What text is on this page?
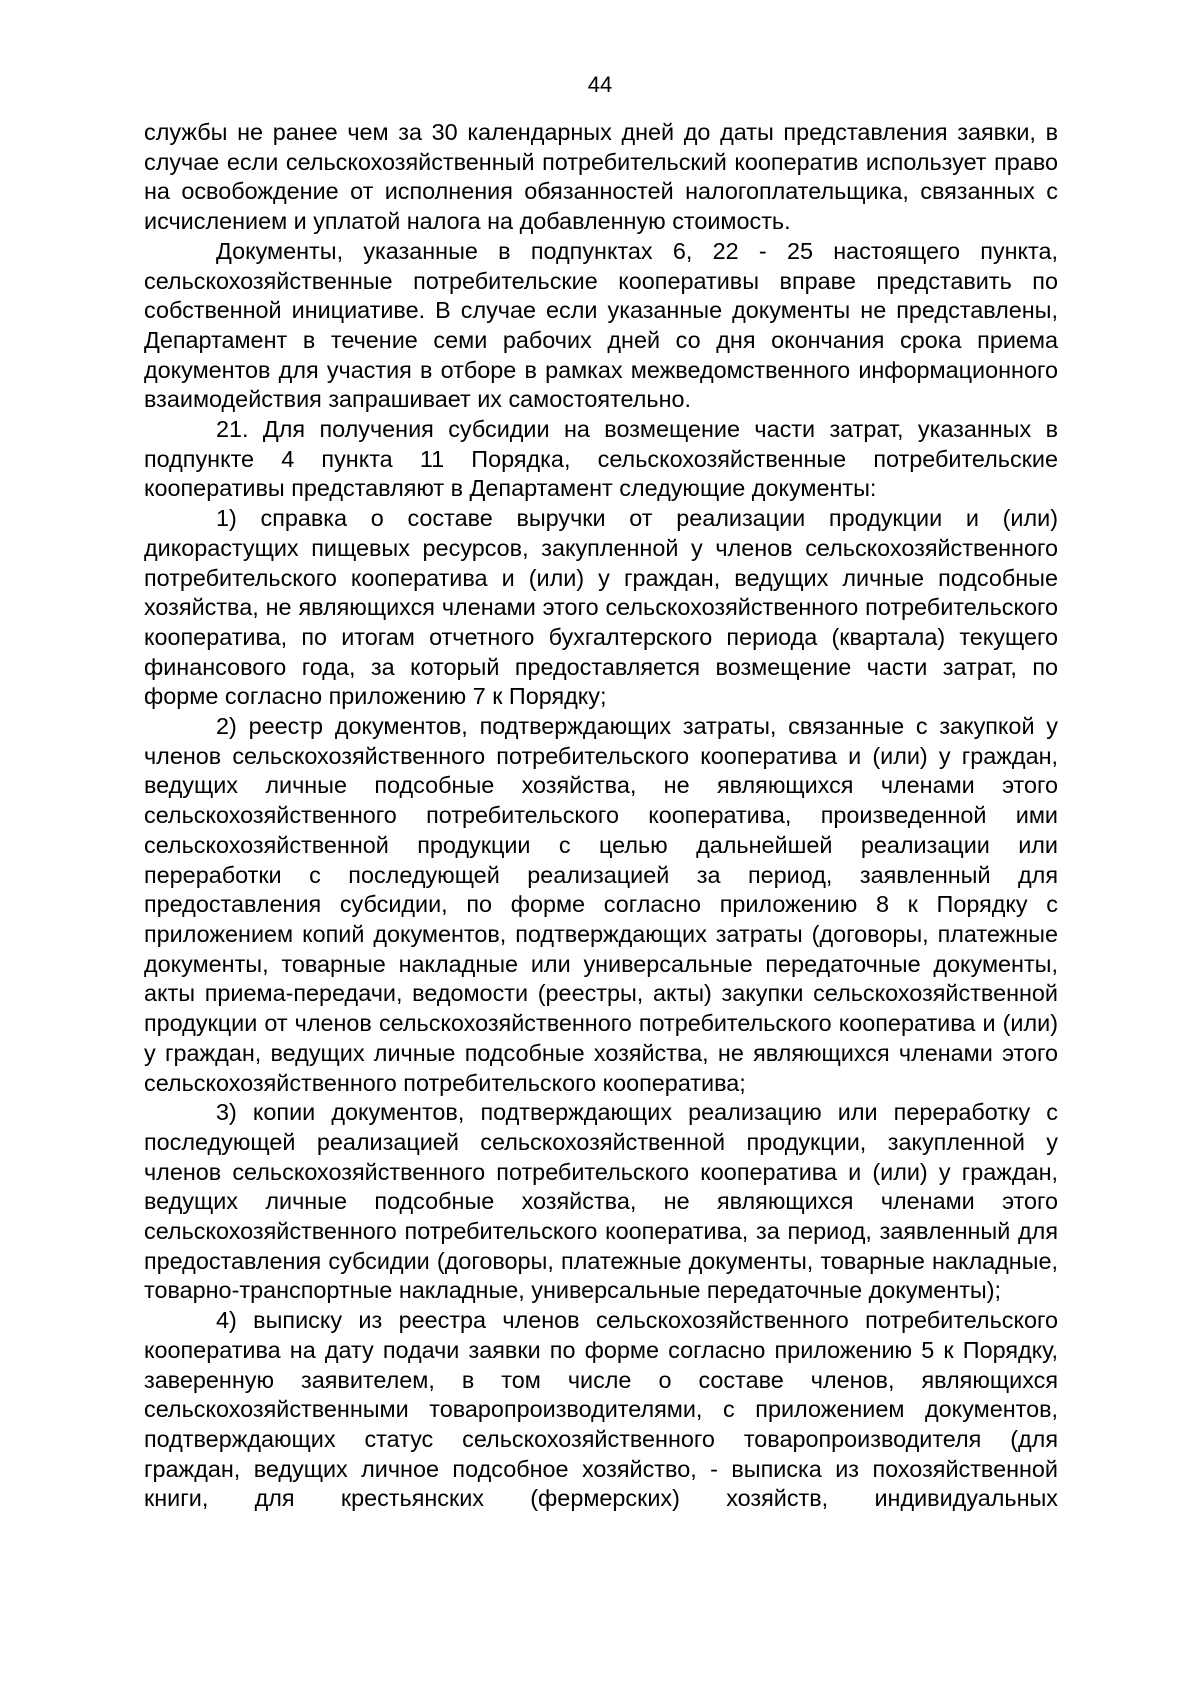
44

службы не ранее чем за 30 календарных дней до даты представления заявки, в случае если сельскохозяйственный потребительский кооператив использует право на освобождение от исполнения обязанностей налогоплательщика, связанных с исчислением и уплатой налога на добавленную стоимость.

Документы, указанные в подпунктах 6, 22 - 25 настоящего пункта, сельскохозяйственные потребительские кооперативы вправе представить по собственной инициативе. В случае если указанные документы не представлены, Департамент в течение семи рабочих дней со дня окончания срока приема документов для участия в отборе в рамках межведомственного информационного взаимодействия запрашивает их самостоятельно.

21. Для получения субсидии на возмещение части затрат, указанных в подпункте 4 пункта 11 Порядка, сельскохозяйственные потребительские кооперативы представляют в Департамент следующие документы:

1) справка о составе выручки от реализации продукции и (или) дикорастущих пищевых ресурсов, закупленной у членов сельскохозяйственного потребительского кооператива и (или) у граждан, ведущих личные подсобные хозяйства, не являющихся членами этого сельскохозяйственного потребительского кооператива, по итогам отчетного бухгалтерского периода (квартала) текущего финансового года, за который предоставляется возмещение части затрат, по форме согласно приложению 7 к Порядку;

2) реестр документов, подтверждающих затраты, связанные с закупкой у членов сельскохозяйственного потребительского кооператива и (или) у граждан, ведущих личные подсобные хозяйства, не являющихся членами этого сельскохозяйственного потребительского кооператива, произведенной ими сельскохозяйственной продукции с целью дальнейшей реализации или переработки с последующей реализацией за период, заявленный для предоставления субсидии, по форме согласно приложению 8 к Порядку с приложением копий документов, подтверждающих затраты (договоры, платежные документы, товарные накладные или универсальные передаточные документы, акты приема-передачи, ведомости (реестры, акты) закупки сельскохозяйственной продукции от членов сельскохозяйственного потребительского кооператива и (или) у граждан, ведущих личные подсобные хозяйства, не являющихся членами этого сельскохозяйственного потребительского кооператива;

3) копии документов, подтверждающих реализацию или переработку с последующей реализацией сельскохозяйственной продукции, закупленной у членов сельскохозяйственного потребительского кооператива и (или) у граждан, ведущих личные подсобные хозяйства, не являющихся членами этого сельскохозяйственного потребительского кооператива, за период, заявленный для предоставления субсидии (договоры, платежные документы, товарные накладные, товарно-транспортные накладные, универсальные передаточные документы);

4) выписку из реестра членов сельскохозяйственного потребительского кооператива на дату подачи заявки по форме согласно приложению 5 к Порядку, заверенную заявителем, в том числе о составе членов, являющихся сельскохозяйственными товаропроизводителями, с приложением документов, подтверждающих статус сельскохозяйственного товаропроизводителя (для граждан, ведущих личное подсобное хозяйство, - выписка из похозяйственной книги, для крестьянских (фермерских) хозяйств, индивидуальных
